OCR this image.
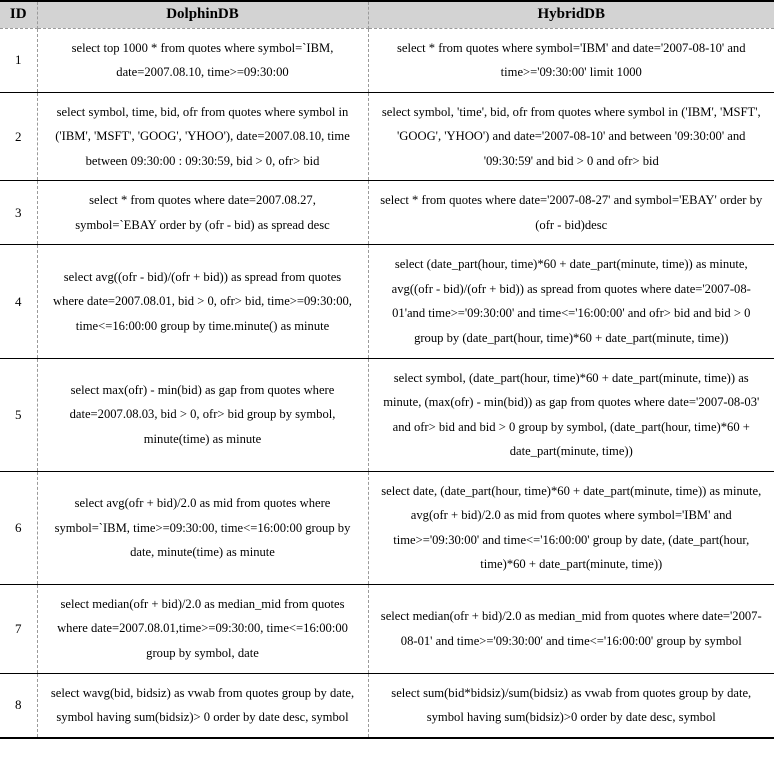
ID	DolphinDB	HybridDB
1	select top 1000 * from quotes where symbol=`IBM, date=2007.08.10, time>=09:30:00	select * from quotes where symbol='IBM' and date='2007-08-10' and time>='09:30:00' limit 1000
2	select symbol, time, bid, ofr from quotes where symbol in ('IBM', 'MSFT', 'GOOG', 'YHOO'), date=2007.08.10, time between 09:30:00 : 09:30:59, bid > 0, ofr> bid	select symbol, 'time', bid, ofr from quotes where symbol in ('IBM', 'MSFT', 'GOOG', 'YHOO') and date='2007-08-10' and between '09:30:00' and '09:30:59' and bid > 0 and ofr> bid
3	select * from quotes where date=2007.08.27, symbol=`EBAY order by (ofr - bid) as spread desc	select * from quotes where date='2007-08-27' and symbol='EBAY' order by (ofr - bid)desc
4	select avg((ofr - bid)/(ofr + bid)) as spread from quotes where date=2007.08.01, bid > 0, ofr> bid, time>=09:30:00, time<=16:00:00 group by time.minute() as minute	select (date_part(hour, time)*60 + date_part(minute, time)) as minute, avg((ofr - bid)/(ofr + bid)) as spread from quotes where date='2007-08-01'and time>='09:30:00' and time<='16:00:00' and ofr> bid and bid > 0 group by (date_part(hour, time)*60 + date_part(minute, time))
5	select max(ofr) - min(bid) as gap from quotes where date=2007.08.03, bid > 0, ofr> bid group by symbol, minute(time) as minute	select symbol, (date_part(hour, time)*60 + date_part(minute, time)) as minute, (max(ofr) - min(bid)) as gap from quotes where date='2007-08-03' and ofr> bid and bid > 0 group by symbol, (date_part(hour, time)*60 + date_part(minute, time))
6	select avg(ofr + bid)/2.0 as mid from quotes where symbol=`IBM, time>=09:30:00, time<=16:00:00 group by date, minute(time) as minute	select date, (date_part(hour, time)*60 + date_part(minute, time)) as minute, avg(ofr + bid)/2.0 as mid from quotes where symbol='IBM' and time>='09:30:00' and time<='16:00:00' group by date, (date_part(hour, time)*60 + date_part(minute, time))
7	select median(ofr + bid)/2.0 as median_mid from quotes where date=2007.08.01,time>=09:30:00, time<=16:00:00 group by symbol, date	select median(ofr + bid)/2.0 as median_mid from quotes where date='2007-08-01' and time>='09:30:00' and time<='16:00:00' group by symbol
8	select wavg(bid, bidsiz) as vwab from quotes group by date, symbol having sum(bidsiz)> 0 order by date desc, symbol	select sum(bid*bidsiz)/sum(bidsiz) as vwab from quotes group by date, symbol having sum(bidsiz)>0 order by date desc, symbol
